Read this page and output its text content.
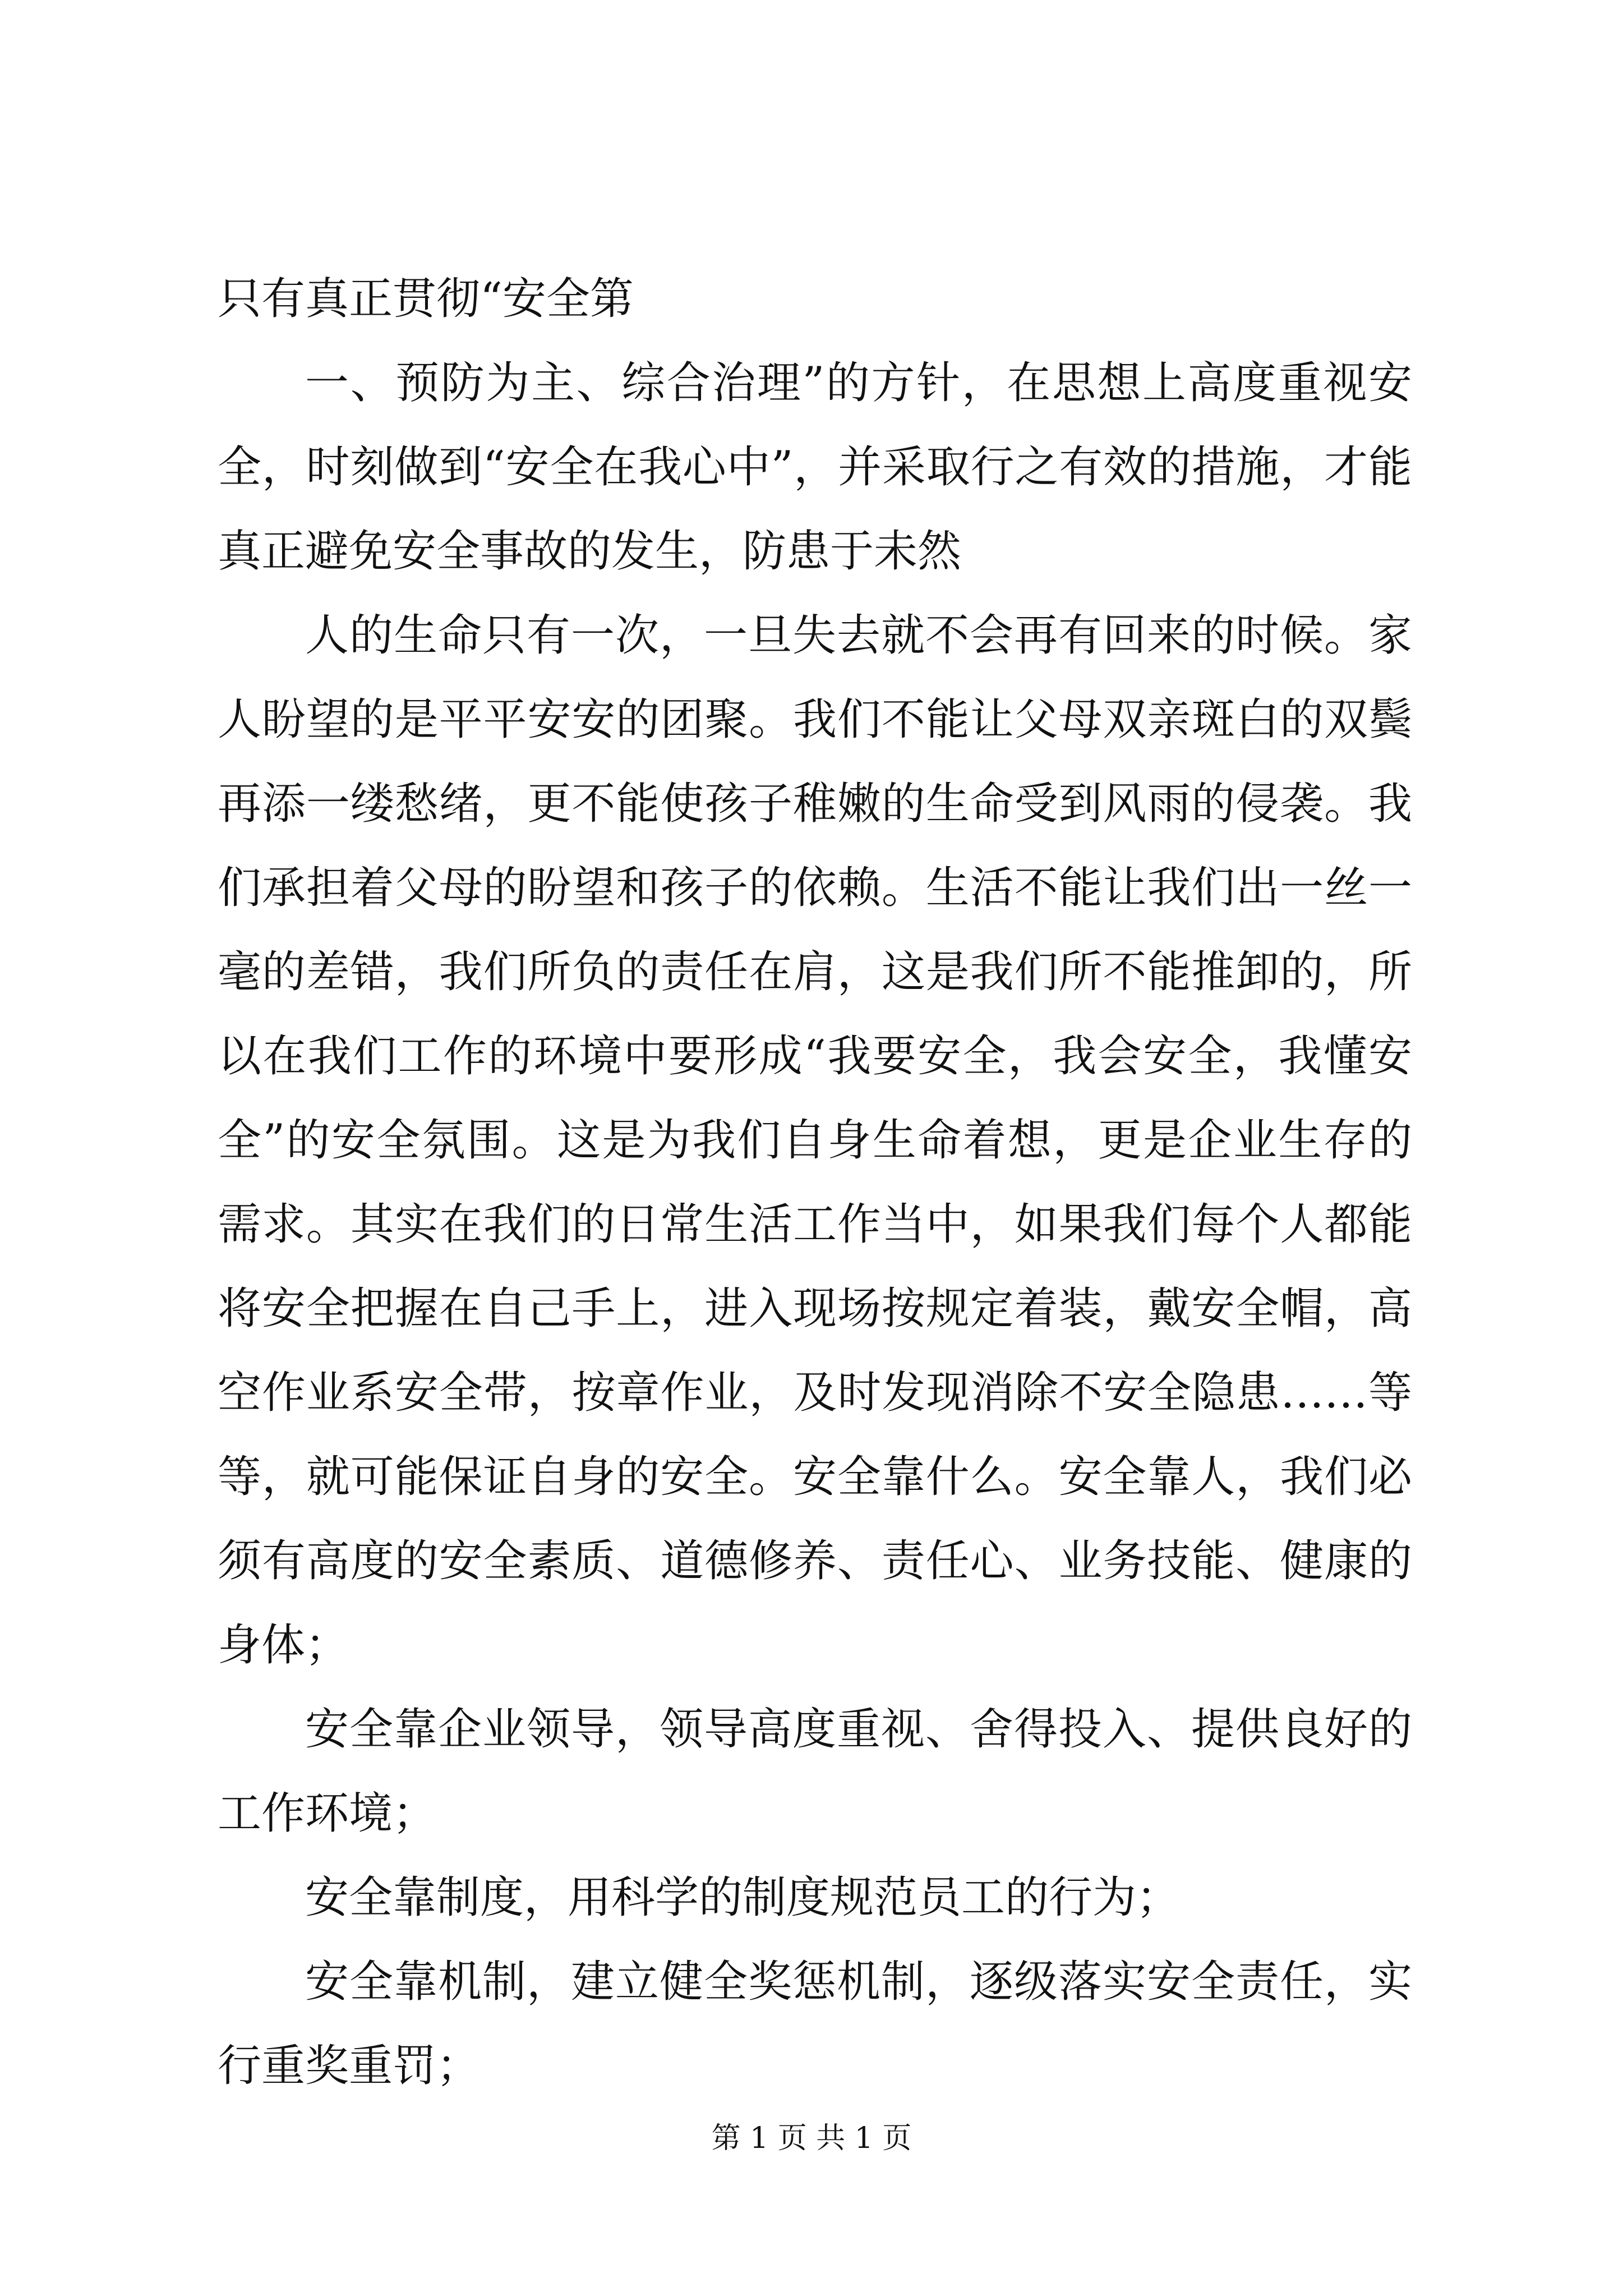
只有真正贯彻“安全第

一、预防为主、综合治理”的方针，在思想上高度重视安全，时刻做到“安全在我心中”，并采取行之有效的措施，才能真正避免安全事故的发生，防患于未然

人的生命只有一次，一旦失去就不会再有回来的时候。家人盼望的是平平安安的团聚。我们不能让父母双亲斑白的双鬓再添一缕愁绪，更不能使孩子稚嫩的生命受到风雨的侵袭。我们承担着父母的盼望和孩子的依赖。生活不能让我们出一丝一毫的差错，我们所负的责任在肩，这是我们所不能推卸的，所以在我们工作的环境中要形成“我要安全，我会安全，我懂安全”的安全氛围。这是为我们自身生命着想，更是企业生存的需求。其实在我们的日常生活工作当中，如果我们每个人都能将安全把握在自己手上，进入现场按规定着装，戴安全帽，高空作业系安全带，按章作业，及时发现消除不安全隐患……等等，就可能保证自身的安全。安全靠什么。安全靠人，我们必须有高度的安全素质、道德修养、责任心、业务技能、健康的身体；

安全靠企业领导，领导高度重视、舍得投入、提供良好的工作环境；

安全靠制度，用科学的制度规范员工的行为；

安全靠机制，建立健全奖惩机制，逐级落实安全责任，实行重奖重罚；

第 1 页 共 1 页
